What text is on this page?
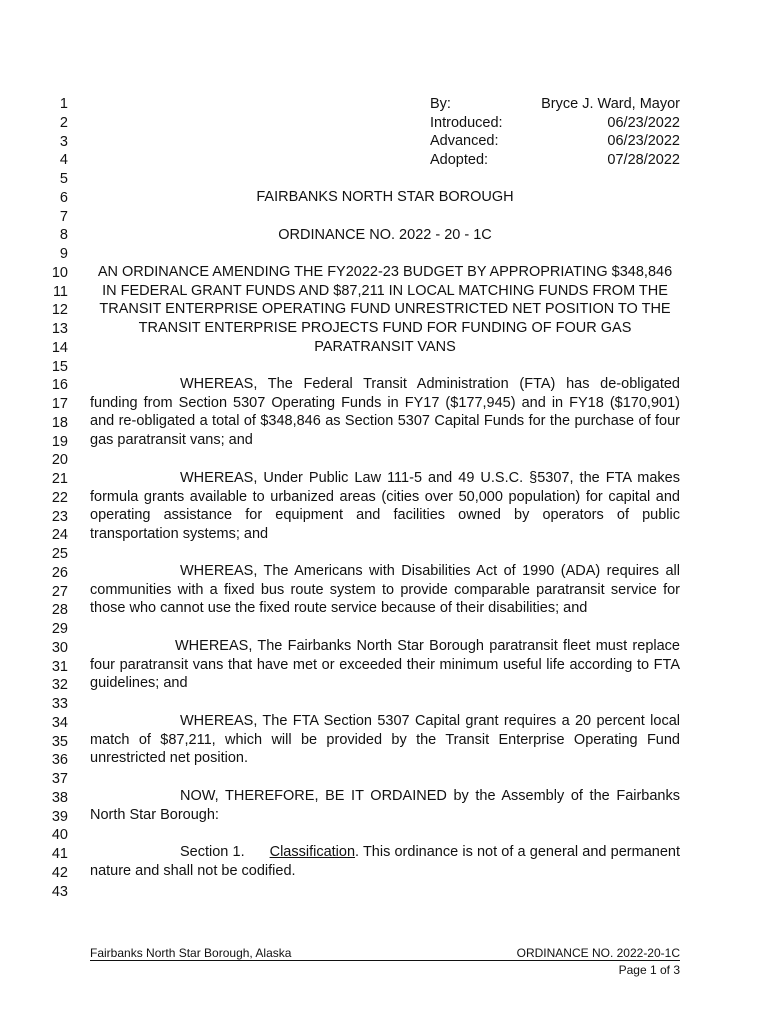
1
2
3
4
5
6
7
8
9
10
11
12
13
14
15
16
17
18
19
20
21
22
23
24
25
26
27
28
29
30
31
32
33
34
35
36
37
38
39
40
41
42
43
By:	Bryce J. Ward, Mayor
Introduced:	06/23/2022
Advanced:	06/23/2022
Adopted:	07/28/2022
FAIRBANKS NORTH STAR BOROUGH
ORDINANCE NO. 2022 - 20 - 1C
AN ORDINANCE AMENDING THE FY2022-23 BUDGET BY APPROPRIATING $348,846 IN FEDERAL GRANT FUNDS AND $87,211 IN LOCAL MATCHING FUNDS FROM THE TRANSIT ENTERPRISE OPERATING FUND UNRESTRICTED NET POSITION TO THE TRANSIT ENTERPRISE PROJECTS FUND FOR FUNDING OF FOUR GAS PARATRANSIT VANS
WHEREAS, The Federal Transit Administration (FTA) has de-obligated funding from Section 5307 Operating Funds in FY17 ($177,945) and in FY18 ($170,901) and re-obligated a total of $348,846 as Section 5307 Capital Funds for the purchase of four gas paratransit vans; and
WHEREAS, Under Public Law 111-5 and 49 U.S.C. §5307, the FTA makes formula grants available to urbanized areas (cities over 50,000 population) for capital and operating assistance for equipment and facilities owned by operators of public transportation systems; and
WHEREAS, The Americans with Disabilities Act of 1990 (ADA) requires all communities with a fixed bus route system to provide comparable paratransit service for those who cannot use the fixed route service because of their disabilities; and
WHEREAS, The Fairbanks North Star Borough paratransit fleet must replace four paratransit vans that have met or exceeded their minimum useful life according to FTA guidelines; and
WHEREAS, The FTA Section 5307 Capital grant requires a 20 percent local match of $87,211, which will be provided by the Transit Enterprise Operating Fund unrestricted net position.
NOW, THEREFORE, BE IT ORDAINED by the Assembly of the Fairbanks North Star Borough:
Section 1. Classification. This ordinance is not of a general and permanent nature and shall not be codified.
Fairbanks North Star Borough, Alaska	ORDINANCE NO. 2022-20-1C
Page 1 of 3
